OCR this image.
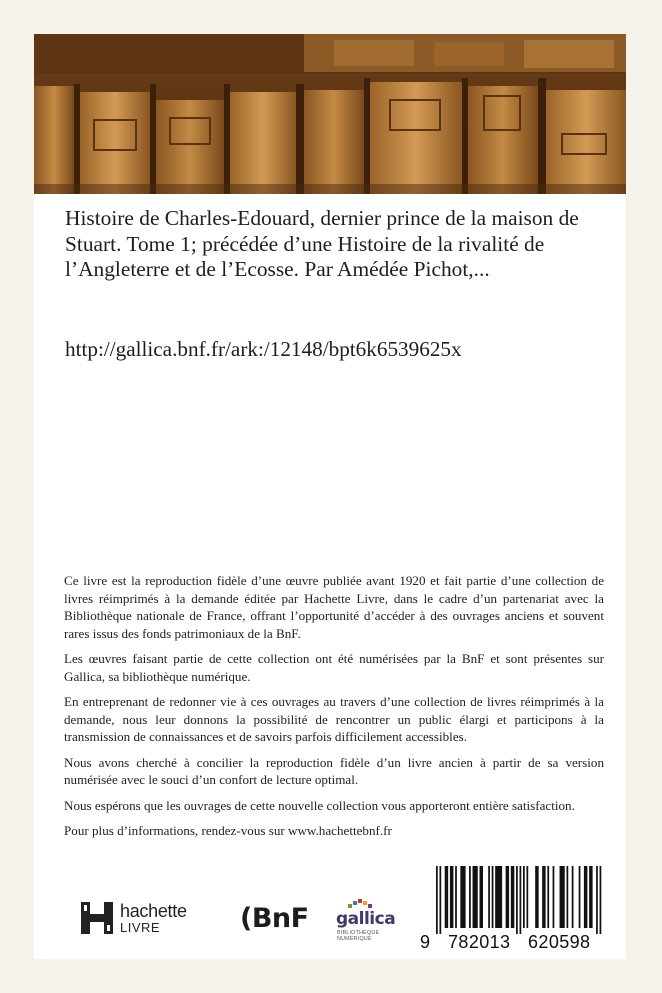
Histoire de Charles-Edouard, dernier prince de la maison de Stuart. Tome 1; précédée d’une Histoire de la rivalité de l’Angleterre et de l’Ecosse. Par Amédée Pichot,...
http://gallica.bnf.fr/ark:/12148/bpt6k6539625x

Ce livre est la reproduction fidèle d’une œuvre publiée avant 1920 et fait partie d’une collection de livres réimprimés à la demande éditée par Hachette Livre, dans le cadre d’un partenariat avec la Bibliothèque nationale de France, offrant l’opportunité d’accéder à des ouvrages anciens et souvent rares issus des fonds patrimoniaux de la BnF.

Les œuvres faisant partie de cette collection ont été numérisées par la BnF et sont présentes sur Gallica, sa bibliothèque numérique.

En entreprenant de redonner vie à ces ouvrages au travers d’une collection de livres réimprimés à la demande, nous leur donnons la possibilité de rencontrer un public élargi et participons à la transmission de connaissances et de savoirs parfois difficilement accessibles.

Nous avons cherché à concilier la reproduction fidèle d’un livre ancien à partir de sa version numérisée avec le souci d’un confort de lecture optimal.

Nous espérons que les ouvrages de cette nouvelle collection vous apporteront entière satisfaction.

Pour plus d’informations, rendez-vous sur www.hachettebnf.fr

hachette
LIVRE	(BnF gallica
BIBLIOTHÈQUE
NUMÉRIQUE	9 782013 620598
